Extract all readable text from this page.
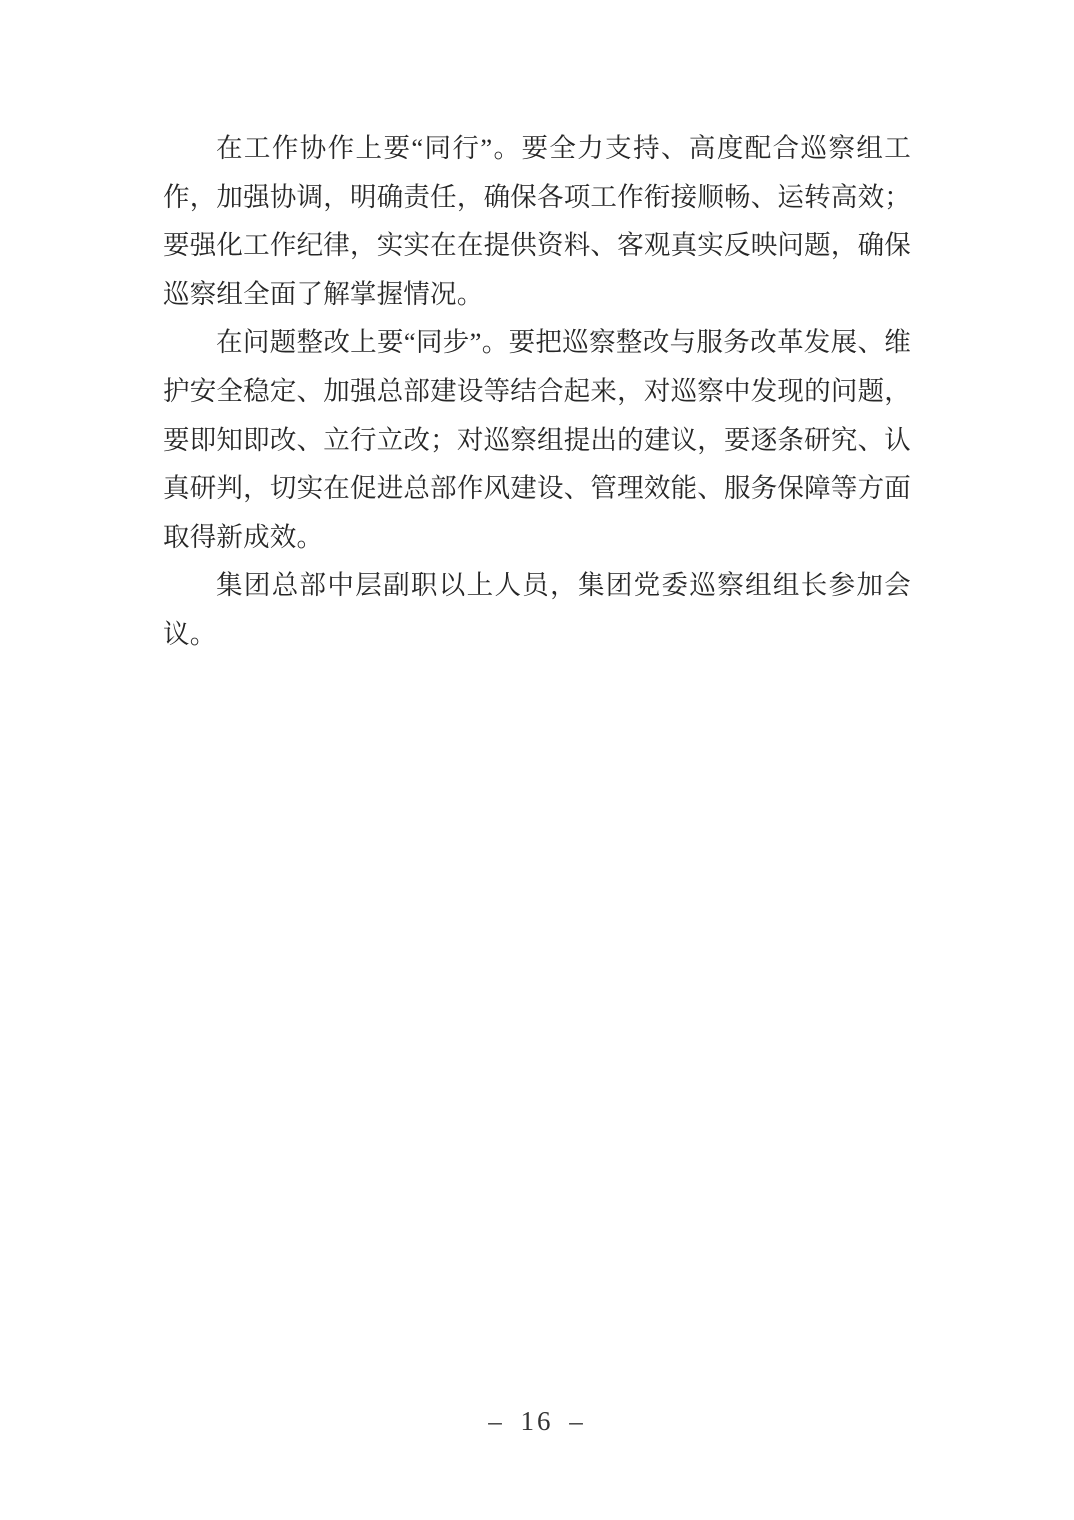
在工作协作上要“同行”。要全力支持、高度配合巡察组工作，加强协调，明确责任，确保各项工作衔接顺畅、运转高效；要强化工作纪律，实实在在提供资料、客观真实反映问题，确保巡察组全面了解掌握情况。

在问题整改上要“同步”。要把巡察整改与服务改革发展、维护安全稳定、加强总部建设等结合起来，对巡察中发现的问题，要即知即改、立行立改；对巡察组提出的建议，要逐条研究、认真研判，切实在促进总部作风建设、管理效能、服务保障等方面取得新成效。

集团总部中层副职以上人员，集团党委巡察组组长参加会议。

– 16 –
